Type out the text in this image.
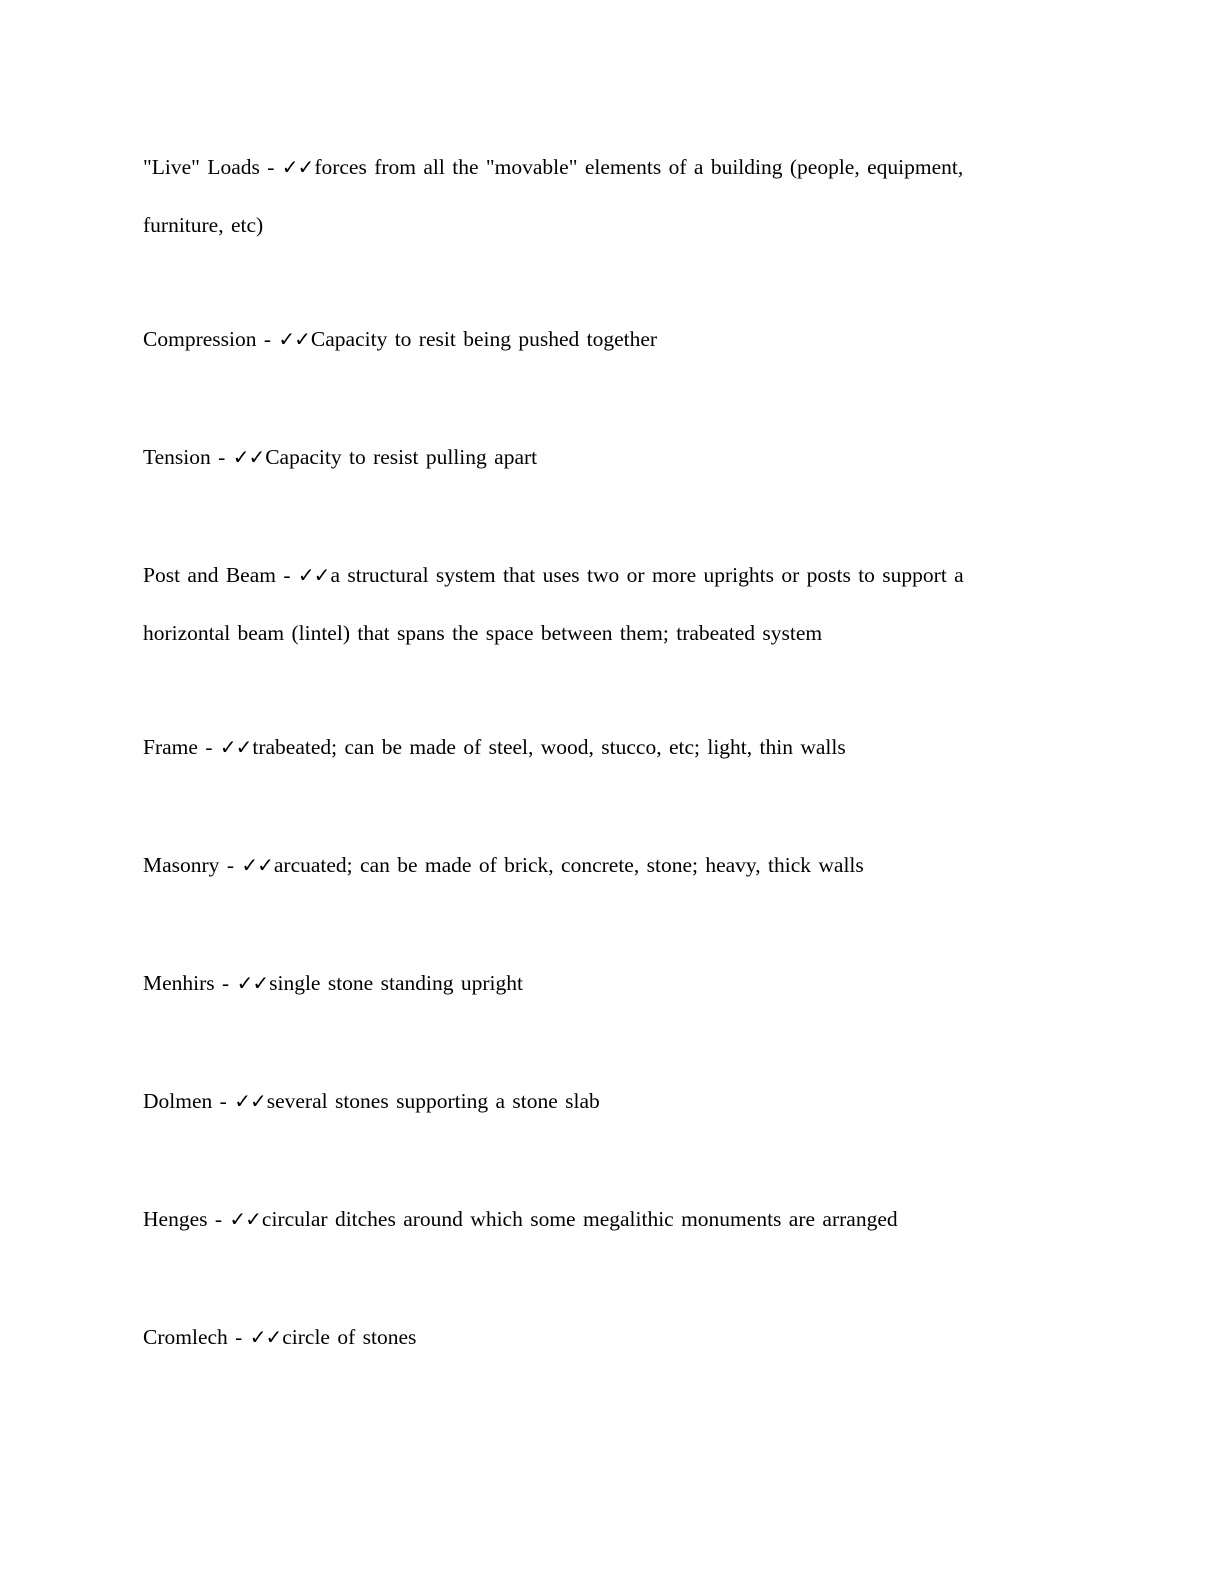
"Live" Loads - ✓✓forces from all the "movable" elements of a building (people, equipment, furniture, etc)

Compression - ✓✓Capacity to resit being pushed together

Tension - ✓✓Capacity to resist pulling apart

Post and Beam - ✓✓a structural system that uses two or more uprights or posts to support a horizontal beam (lintel) that spans the space between them; trabeated system

Frame - ✓✓trabeated; can be made of steel, wood, stucco, etc; light, thin walls

Masonry - ✓✓arcuated; can be made of brick, concrete, stone; heavy, thick walls

Menhirs - ✓✓single stone standing upright

Dolmen - ✓✓several stones supporting a stone slab

Henges - ✓✓circular ditches around which some megalithic monuments are arranged

Cromlech - ✓✓circle of stones
